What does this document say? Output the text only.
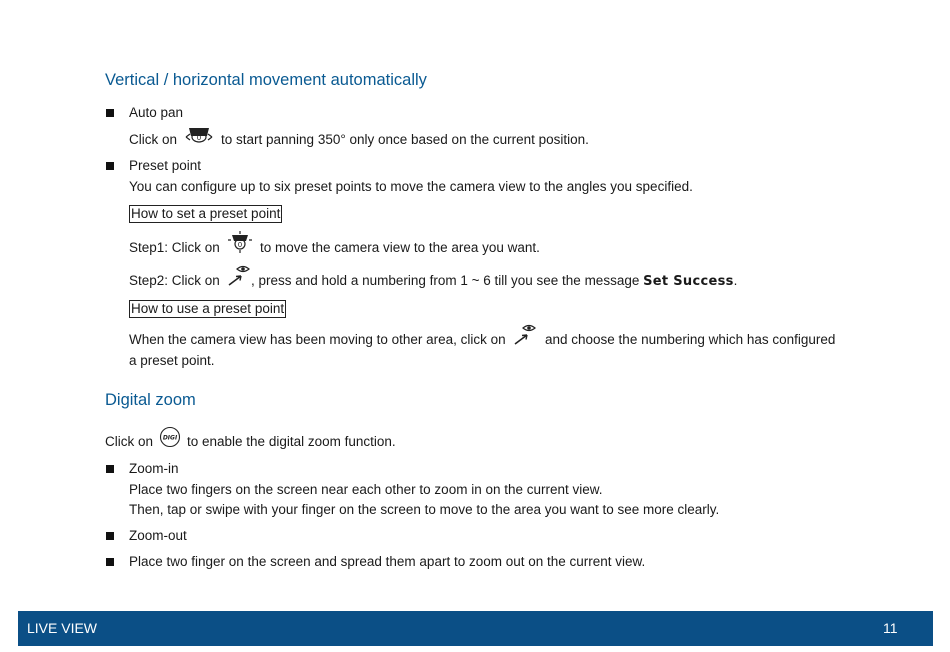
Vertical / horizontal movement automatically
Auto pan
Click on	0 to start panning 350° only once based on the current position.
Preset point
You can configure up to six preset points to move the camera view to the angles you specified.
How to set a preset point
Step1: Click on	0 to move the camera view to the area you want.
Step2: Click on , press and hold a numbering from 1 ~ 6 till you see the message Set Success.
How to use a preset point
When the camera view has been moving to other area, click on	and choose the numbering which has configured
a preset point.
Digital zoom
Click on DIGI to enable the digital zoom function.
Zoom-in
Place two fingers on the screen near each other to zoom in on the current view.
Then, tap or swipe with your finger on the screen to move to the area you want to see more clearly.
Zoom-out
Place two finger on the screen and spread them apart to zoom out on the current view.
LIVE VIEW	11
